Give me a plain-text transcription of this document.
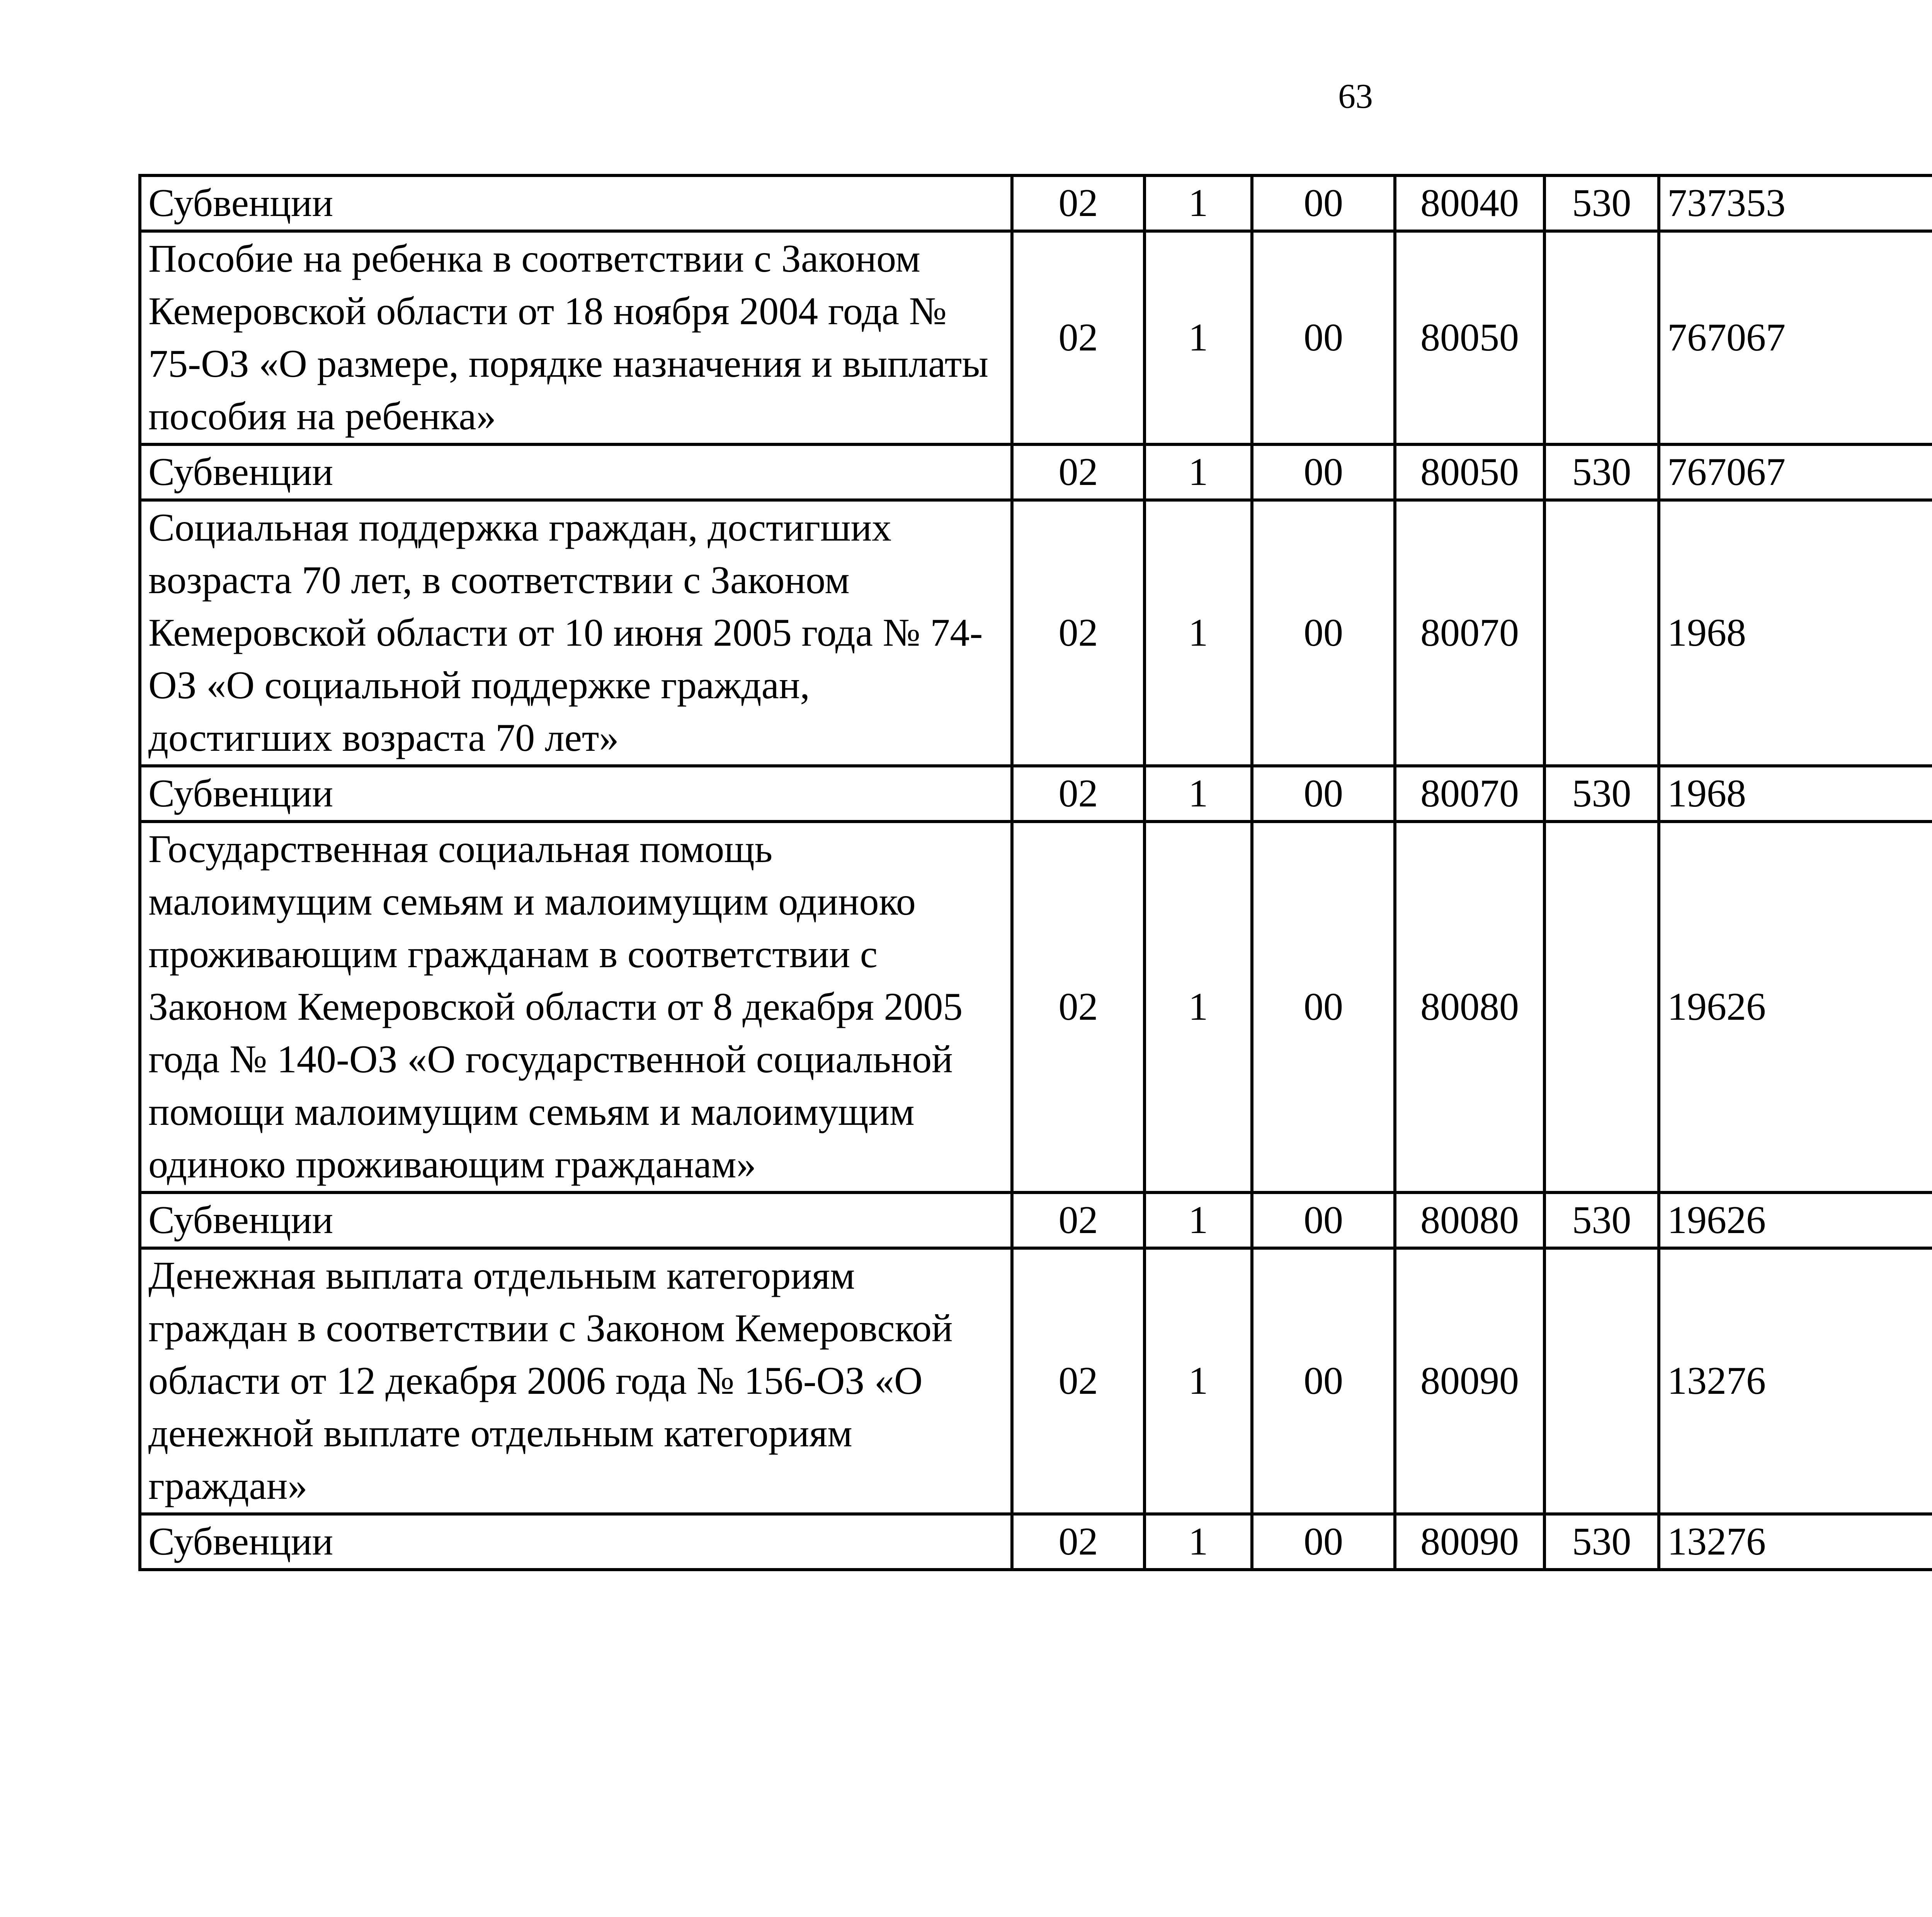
63
Субвенции	02	1	00	80040	530	737353		
Пособие на ребенка в соответствии с Законом Кемеровской области от 18 ноября 2004 года № 75-ОЗ «О размере, порядке назначения и выплаты пособия на ребенка»	02	1	00	80050		767067		
Субвенции	02	1	00	80050	530	767067		
Социальная поддержка граждан, достигших возраста 70 лет, в соответствии с Законом Кемеровской области от 10 июня 2005 года № 74-ОЗ «О социальной поддержке граждан, достигших возраста 70 лет»	02	1	00	80070		1968		
Субвенции	02	1	00	80070	530	1968		
Государственная социальная помощь малоимущим семьям и малоимущим одиноко проживающим гражданам в соответствии с Законом Кемеровской области от 8 декабря 2005 года № 140-ОЗ «О государственной социальной помощи малоимущим семьям и малоимущим одиноко проживающим гражданам»	02	1	00	80080		19626		
Субвенции	02	1	00	80080	530	19626		
Денежная выплата отдельным категориям граждан в соответствии с Законом Кемеровской области от 12 декабря 2006 года № 156-ОЗ «О денежной выплате отдельным категориям граждан»	02	1	00	80090		13276		
Субвенции	02	1	00	80090	530	13276		
